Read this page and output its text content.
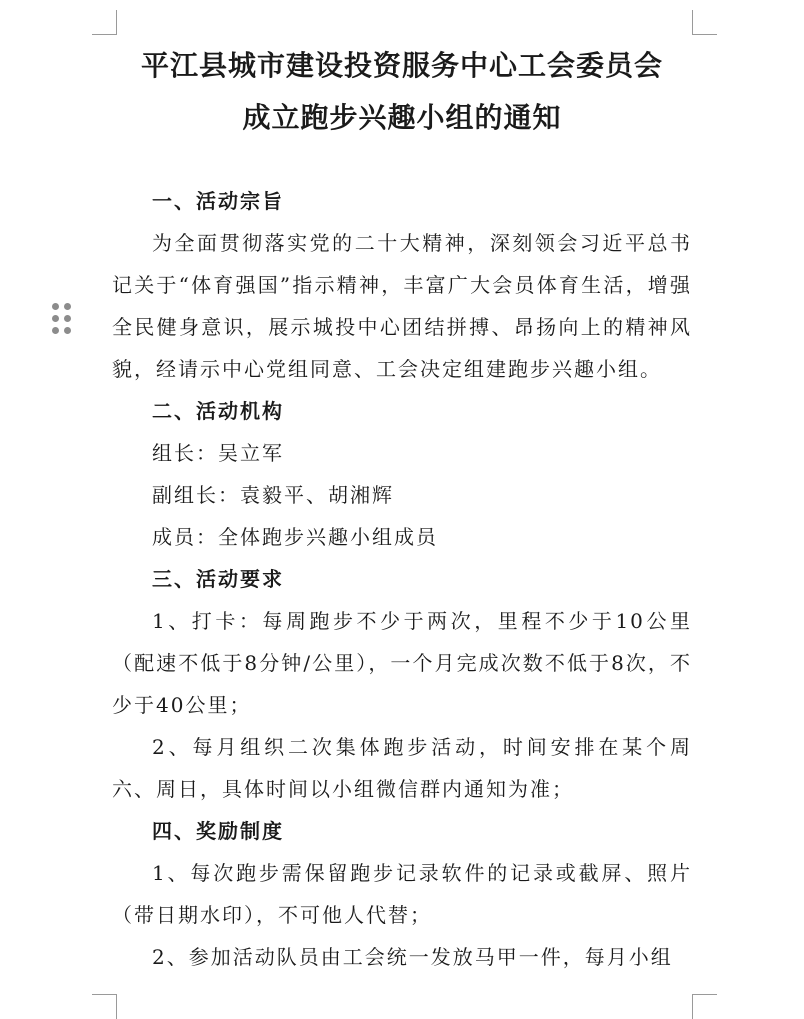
平江县城市建设投资服务中心工会委员会
成立跑步兴趣小组的通知

一、活动宗旨

为全面贯彻落实党的二十大精神，深刻领会习近平总书记关于“体育强国”指示精神，丰富广大会员体育生活，增强全民健身意识，展示城投中心团结拼搏、昂扬向上的精神风貌，经请示中心党组同意、工会决定组建跑步兴趣小组。

二、活动机构

组长：吴立军

副组长：袁毅平、胡湘辉

成员：全体跑步兴趣小组成员

三、活动要求

1、打卡：每周跑步不少于两次，里程不少于10公里（配速不低于8分钟/公里），一个月完成次数不低于8次，不少于40公里；

2、每月组织二次集体跑步活动，时间安排在某个周六、周日，具体时间以小组微信群内通知为准；

四、奖励制度

1、每次跑步需保留跑步记录软件的记录或截屏、照片（带日期水印），不可他人代替；

2、参加活动队员由工会统一发放马甲一件，每月小组
